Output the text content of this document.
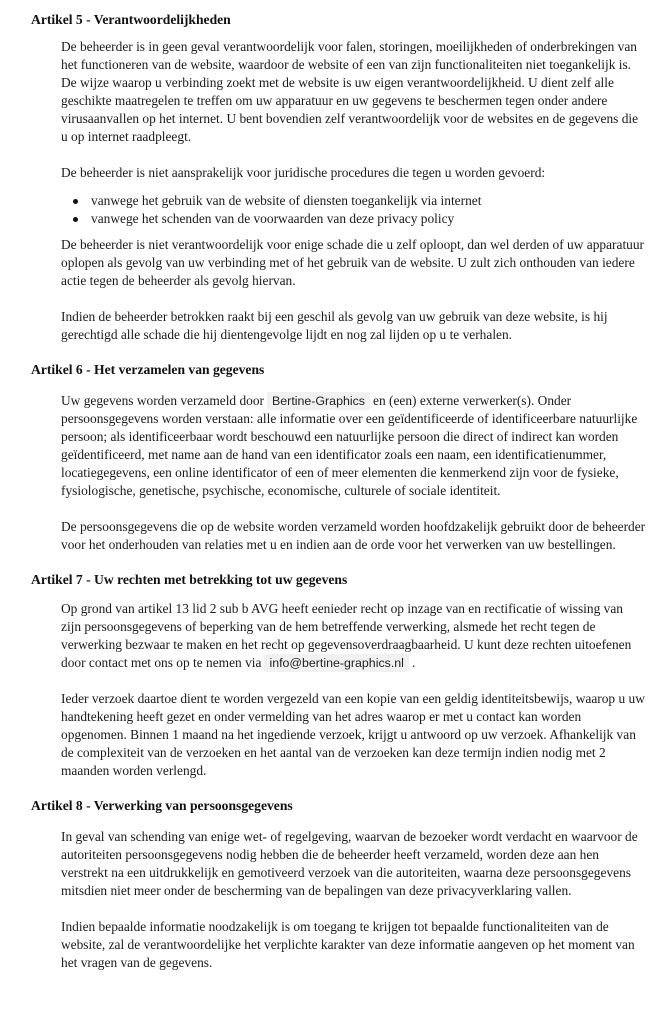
Artikel 5 - Verantwoordelijkheden

De beheerder is in geen geval verantwoordelijk voor falen, storingen, moeilijkheden of onderbrekingen van het functioneren van de website, waardoor de website of een van zijn functionaliteiten niet toegankelijk is. De wijze waarop u verbinding zoekt met de website is uw eigen verantwoordelijkheid. U dient zelf alle geschikte maatregelen te treffen om uw apparatuur en uw gegevens te beschermen tegen onder andere virusaanvallen op het internet. U bent bovendien zelf verantwoordelijk voor de websites en de gegevens die u op internet raadpleegt.

De beheerder is niet aansprakelijk voor juridische procedures die tegen u worden gevoerd:

vanwege het gebruik van de website of diensten toegankelijk via internet
vanwege het schenden van de voorwaarden van deze privacy policy

De beheerder is niet verantwoordelijk voor enige schade die u zelf oploopt, dan wel derden of uw apparatuur oplopen als gevolg van uw verbinding met of het gebruik van de website. U zult zich onthouden van iedere actie tegen de beheerder als gevolg hiervan.

Indien de beheerder betrokken raakt bij een geschil als gevolg van uw gebruik van deze website, is hij gerechtigd alle schade die hij dientengevolge lijdt en nog zal lijden op u te verhalen.

Artikel 6 - Het verzamelen van gegevens

Uw gegevens worden verzameld door Bertine-Graphics en (een) externe verwerker(s). Onder persoonsgegevens worden verstaan: alle informatie over een geïdentificeerde of identificeerbare natuurlijke persoon; als identificeerbaar wordt beschouwd een natuurlijke persoon die direct of indirect kan worden geïdentificeerd, met name aan de hand van een identificator zoals een naam, een identificatienummer, locatiegegevens, een online identificator of een of meer elementen die kenmerkend zijn voor de fysieke, fysiologische, genetische, psychische, economische, culturele of sociale identiteit.

De persoonsgegevens die op de website worden verzameld worden hoofdzakelijk gebruikt door de beheerder voor het onderhouden van relaties met u en indien aan de orde voor het verwerken van uw bestellingen.

Artikel 7 - Uw rechten met betrekking tot uw gegevens

Op grond van artikel 13 lid 2 sub b AVG heeft eenieder recht op inzage van en rectificatie of wissing van zijn persoonsgegevens of beperking van de hem betreffende verwerking, alsmede het recht tegen de verwerking bezwaar te maken en het recht op gegevensoverdraagbaarheid. U kunt deze rechten uitoefenen door contact met ons op te nemen via info@bertine-graphics.nl .

Ieder verzoek daartoe dient te worden vergezeld van een kopie van een geldig identiteitsbewijs, waarop u uw handtekening heeft gezet en onder vermelding van het adres waarop er met u contact kan worden opgenomen. Binnen 1 maand na het ingediende verzoek, krijgt u antwoord op uw verzoek. Afhankelijk van de complexiteit van de verzoeken en het aantal van de verzoeken kan deze termijn indien nodig met 2 maanden worden verlengd.

Artikel 8 - Verwerking van persoonsgegevens

In geval van schending van enige wet- of regelgeving, waarvan de bezoeker wordt verdacht en waarvoor de autoriteiten persoonsgegevens nodig hebben die de beheerder heeft verzameld, worden deze aan hen verstrekt na een uitdrukkelijk en gemotiveerd verzoek van die autoriteiten, waarna deze persoonsgegevens mitsdien niet meer onder de bescherming van de bepalingen van deze privacyverklaring vallen.

Indien bepaalde informatie noodzakelijk is om toegang te krijgen tot bepaalde functionaliteiten van de website, zal de verantwoordelijke het verplichte karakter van deze informatie aangeven op het moment van het vragen van de gegevens.
